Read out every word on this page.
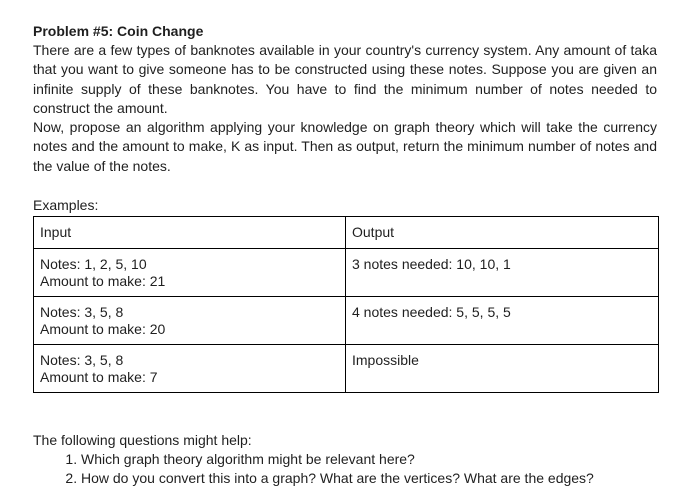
Problem #5: Coin Change

There are a few types of banknotes available in your country's currency system. Any amount of taka that you want to give someone has to be constructed using these notes. Suppose you are given an infinite supply of these banknotes. You have to find the minimum number of notes needed to construct the amount.

Now, propose an algorithm applying your knowledge on graph theory which will take the currency notes and the amount to make, K as input. Then as output, return the minimum number of notes and the value of the notes.

Examples:

Input	Output

Notes: 1, 2, 5, 10
Amount to make: 21	3 notes needed: 10, 10, 1

Notes: 3, 5, 8
Amount to make: 20	4 notes needed: 5, 5, 5, 5

Notes: 3, 5, 8
Amount to make: 7	Impossible

The following questions might help:

1. Which graph theory algorithm might be relevant here?
2. How do you convert this into a graph? What are the vertices? What are the edges?
